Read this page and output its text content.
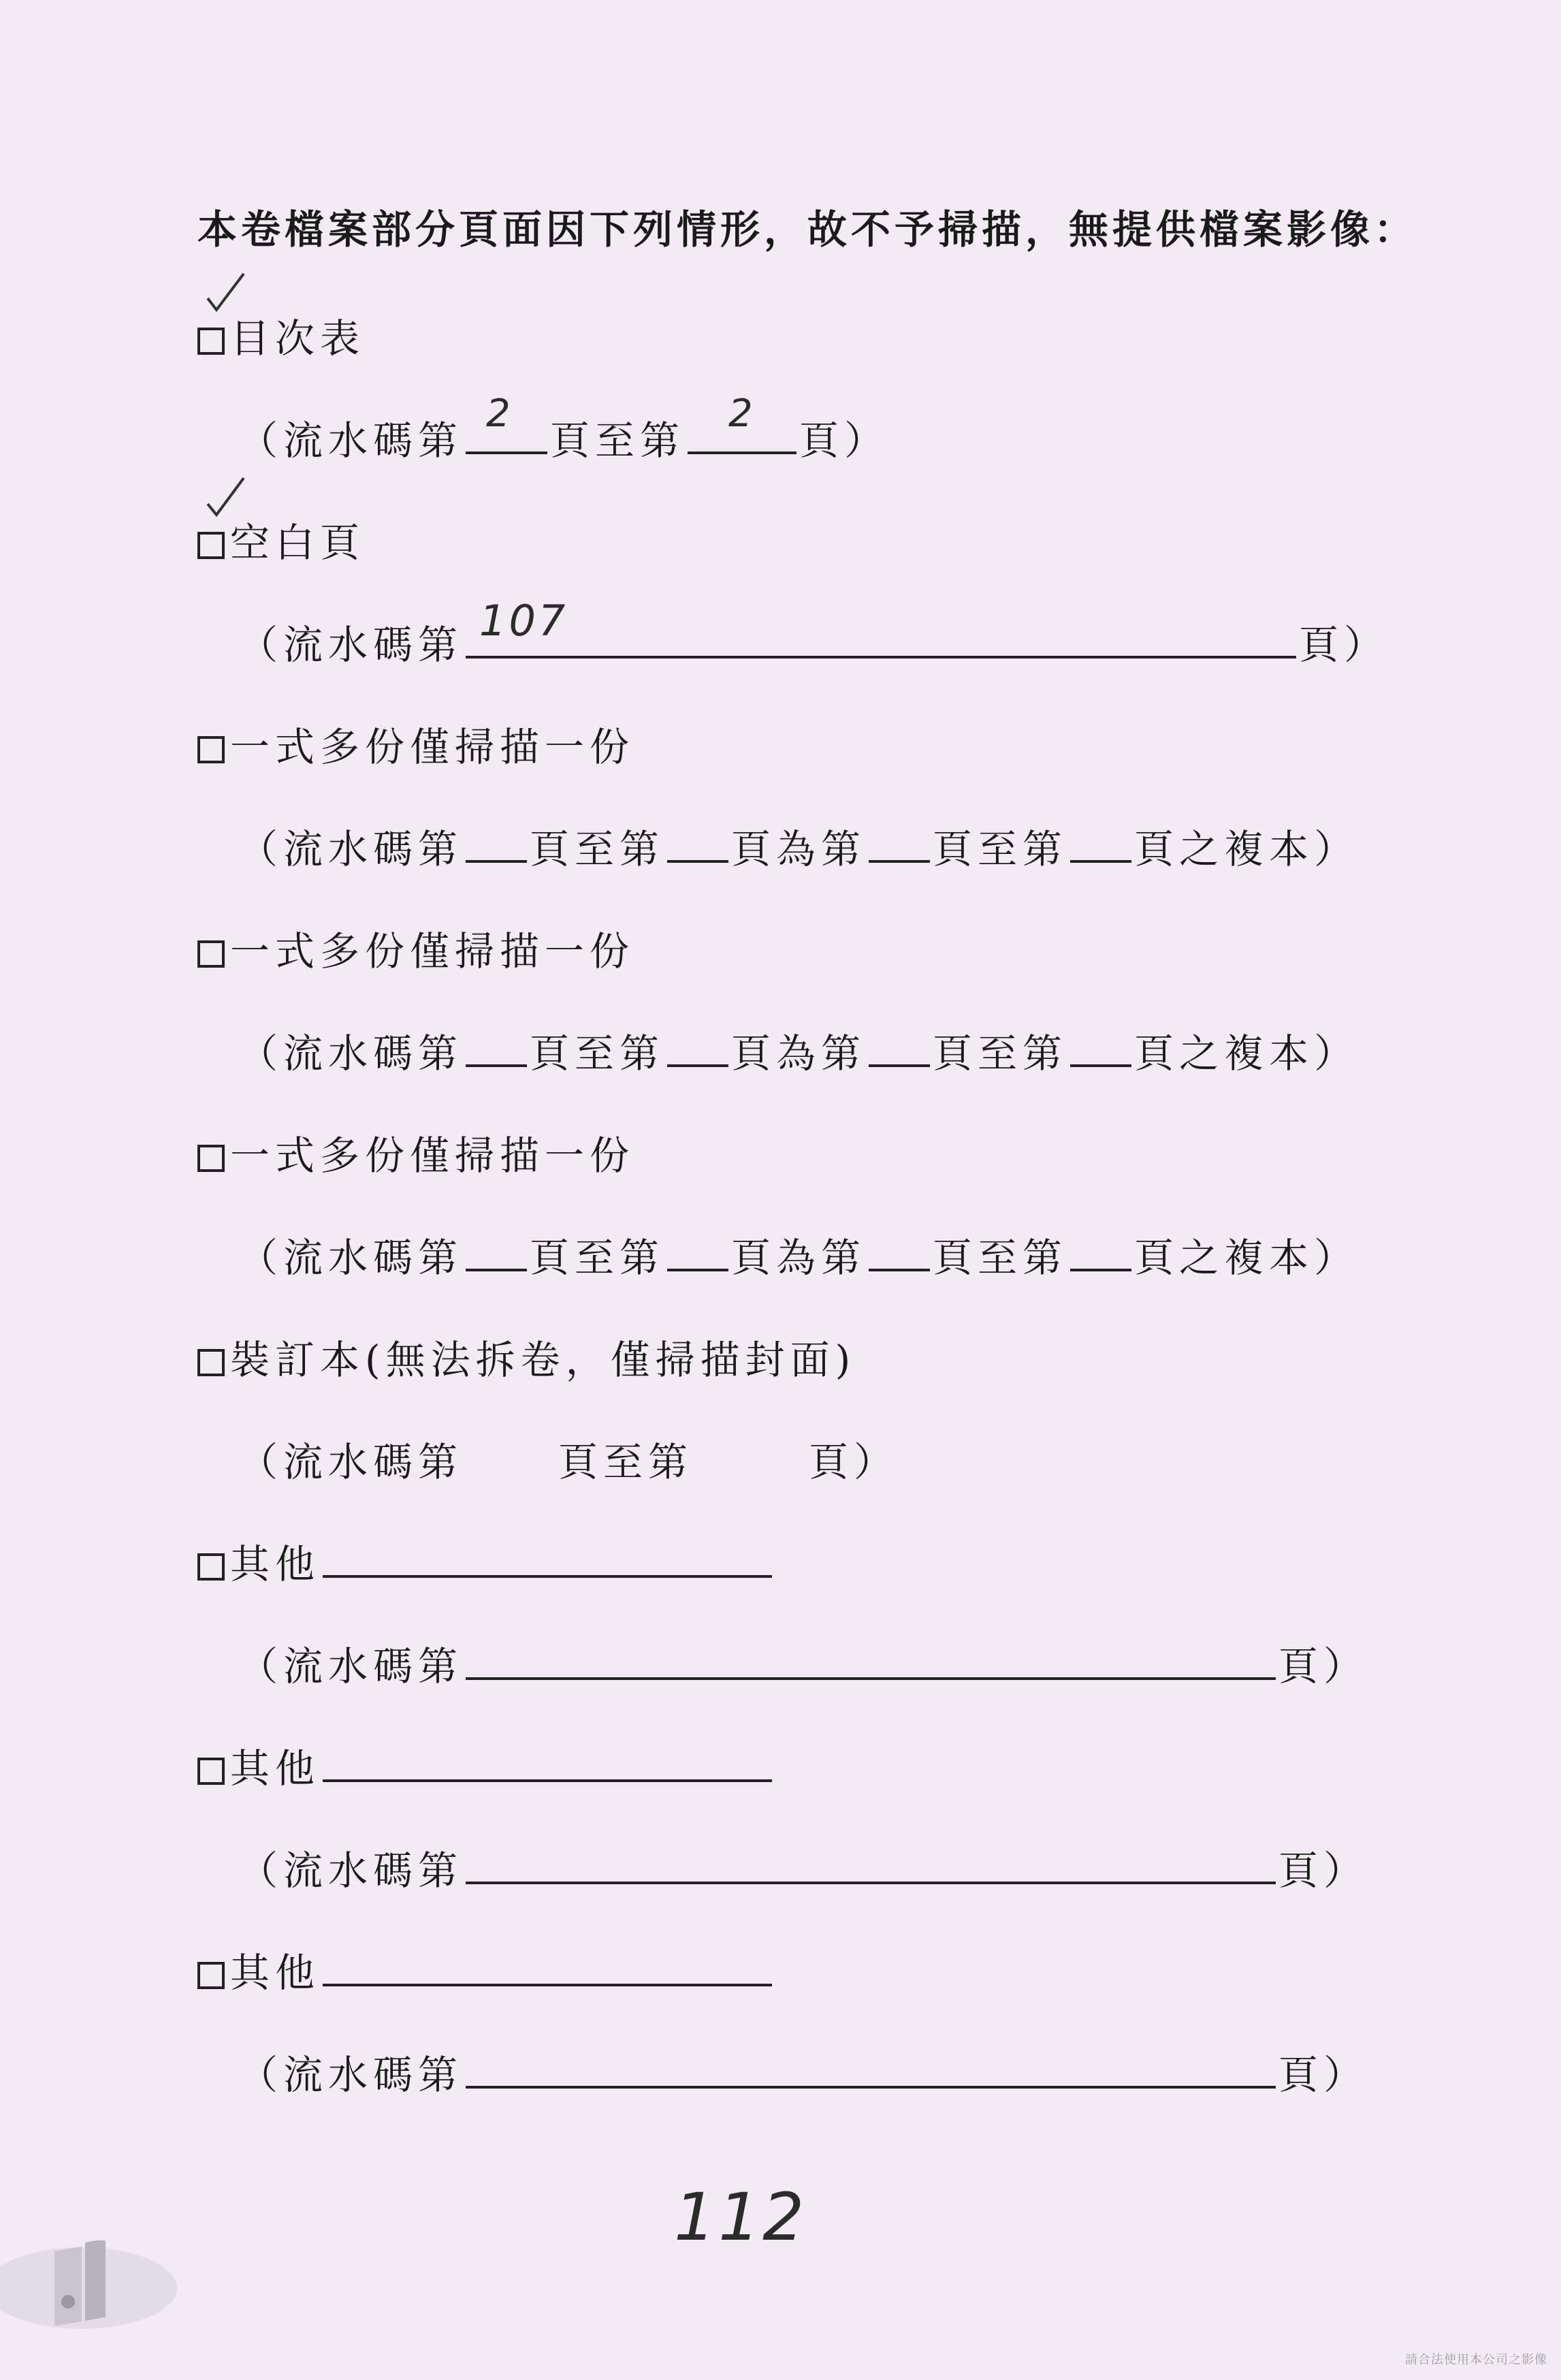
本卷檔案部分頁面因下列情形，故不予掃描，無提供檔案影像：
目次表
（流水碼第
2
頁至第
2
頁）
空白頁
（流水碼第 107	頁）
一式多份僅掃描一份
（流水碼第 頁至第 頁為第 頁至第 頁之複本）
一式多份僅掃描一份
（流水碼第 頁至第 頁為第 頁至第 頁之複本）
一式多份僅掃描一份
（流水碼第 頁至第 頁為第 頁至第 頁之複本）
裝訂本(無法拆卷，僅掃描封面)
（流水碼第 頁至第	頁）
其他
（流水碼第	頁）
其他
（流水碼第	頁）
其他
（流水碼第	頁）
112
請合法使用本公司之影像
